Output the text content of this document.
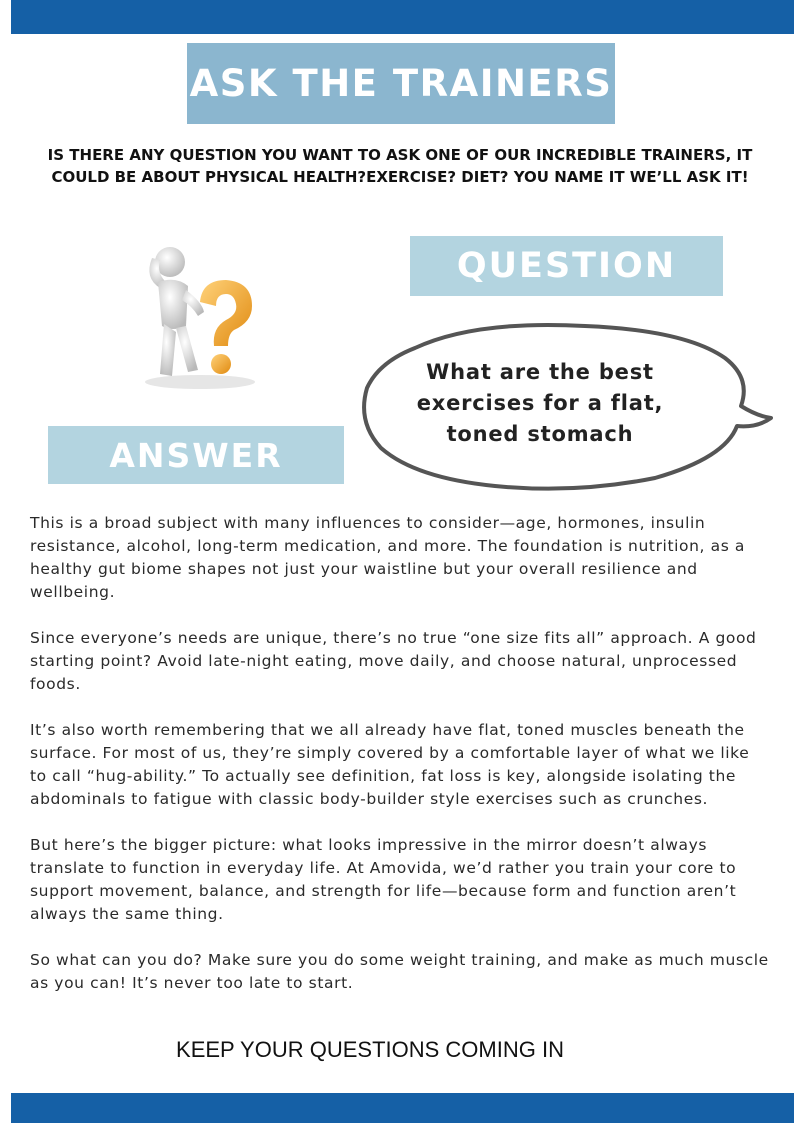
ASK THE TRAINERS
IS THERE ANY QUESTION YOU WANT TO ASK ONE OF OUR INCREDIBLE TRAINERS, IT COULD BE ABOUT PHYSICAL HEALTH?EXERCISE? DIET? YOU NAME IT WE’LL ASK IT!
QUESTION
What are the best exercises for a flat, toned stomach
ANSWER

This is a broad subject with many influences to consider—age, hormones, insulin resistance, alcohol, long-term medication, and more. The foundation is nutrition, as a healthy gut biome shapes not just your waistline but your overall resilience and wellbeing.

Since everyone’s needs are unique, there’s no true “one size fits all” approach. A good starting point? Avoid late-night eating, move daily, and choose natural, unprocessed foods.

It’s also worth remembering that we all already have flat, toned muscles beneath the surface. For most of us, they’re simply covered by a comfortable layer of what we like to call “hug-ability.” To actually see definition, fat loss is key, alongside isolating the abdominals to fatigue with classic body-builder style exercises such as crunches.

But here’s the bigger picture: what looks impressive in the mirror doesn’t always translate to function in everyday life. At Amovida, we’d rather you train your core to support movement, balance, and strength for life—because form and function aren’t always the same thing.

So what can you do? Make sure you do some weight training, and make as much muscle as you can! It’s never too late to start.

KEEP YOUR QUESTIONS COMING IN
